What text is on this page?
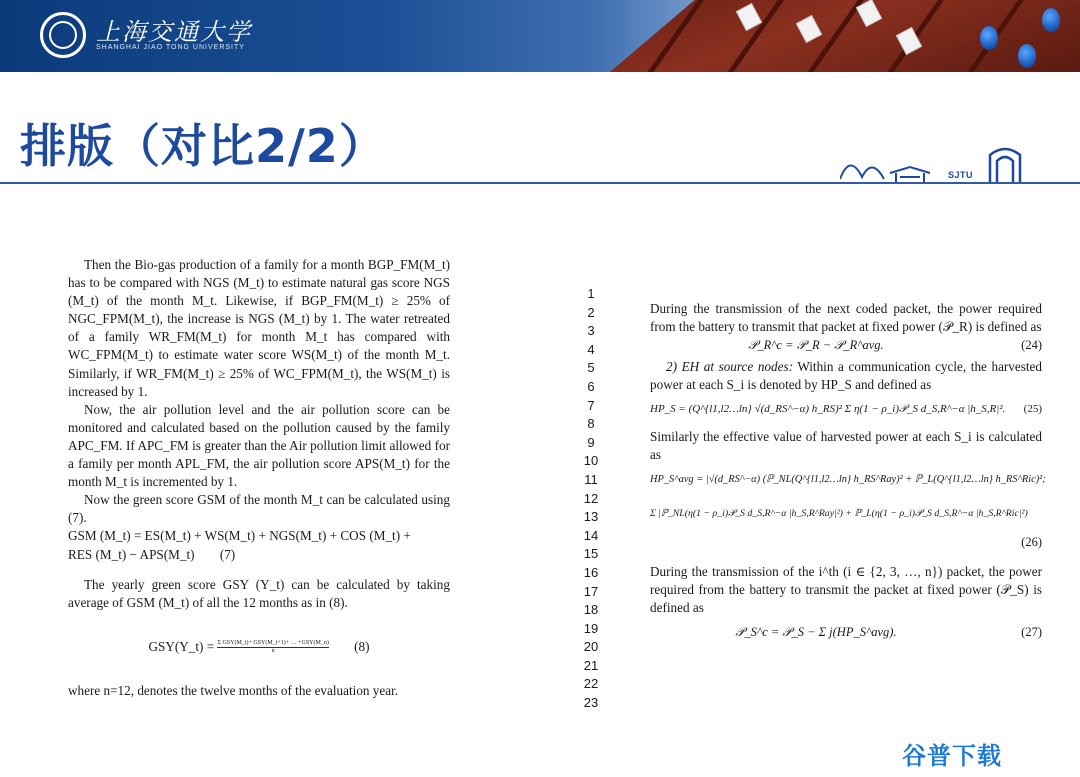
上海交通大学
SHANGHAI JIAO TONG UNIVERSITY
排版（对比2/2）
SJTU

Then the Bio-gas production of a family for a month BGP_FM(M_t) has to be compared with NGS (M_t) to estimate natural gas score NGS (M_t) of the month M_t. Likewise, if BGP_FM(M_t) ≥ 25% of NGC_FPM(M_t), the increase is NGS (M_t) by 1. The water retreated of a family WR_FM(M_t) for month M_t has compared with WC_FPM(M_t) to estimate water score WS(M_t) of the month M_t. Similarly, if WR_FM(M_t) ≥ 25% of WC_FPM(M_t), the WS(M_t) is increased by 1.

Now, the air pollution level and the air pollution score can be monitored and calculated based on the pollution caused by the family APC_FM. If APC_FM is greater than the Air pollution limit allowed for a family per month APL_FM, the air pollution score APS(M_t) for the month M_t is incremented by 1.

Now the green score GSM of the month M_t can be calculated using (7).

GSM (M_t) = ES(M_t) + WS(M_t) + NGS(M_t) + COS (M_t) +

RES (M_t) − APS(M_t) (7)

The yearly green score GSY (Y_t) can be calculated by taking average of GSM (M_t) of all the 12 months as in (8).

GSY(Y_t) = $\frac{\text{Σ GSY(M\_t)+ GSY(M\_t+1)+ … +GSY(M\_n)}}{n} (8)$

where n=12, denotes the twelve months of the evaluation year.

1
2
3
4
5
6
7
8
9
10
11
12
13
14
15
16
17
18
19
20
21
22
23

During the transmission of the next coded packet, the power required from the battery to transmit that packet at fixed power (𝒫_R) is defined as

𝒫_R^c = 𝒫_R − 𝒫_R^avg.	(24)

2) EH at source nodes: Within a communication cycle, the harvested power at each S_i is denoted by HP_S and defined as

HP_S = (Q^{l1,l2…ln} √(d_RS^−α) h_RS)² Σ η(1 − ρ_i)𝒫_S d_S,R^−α |h_S,R|². (25)

Similarly the effective value of harvested power at each S_i is calculated as

HP_S^avg = |√(d_RS^−α) (ℙ_NL(Q^{l1,l2…ln} h_RS^Ray)² + ℙ_L(Q^{l1,l2…ln} h_RS^Ric)²;
Σ |ℙ_NL(η(1 − ρ_i)𝒫_S d_S,R^−α |h_S,R^Ray|²) + ℙ_L(η(1 − ρ_i)𝒫_S d_S,R^−α |h_S,R^Ric|²)
(26)

During the transmission of the i^th (i ∈ {2, 3, …, n}) packet, the power required from the battery to transmit the packet at fixed power (𝒫_S) is defined as

𝒫_S^c = 𝒫_S − Σ j(HP_S^avg).	(27)
谷普下载
